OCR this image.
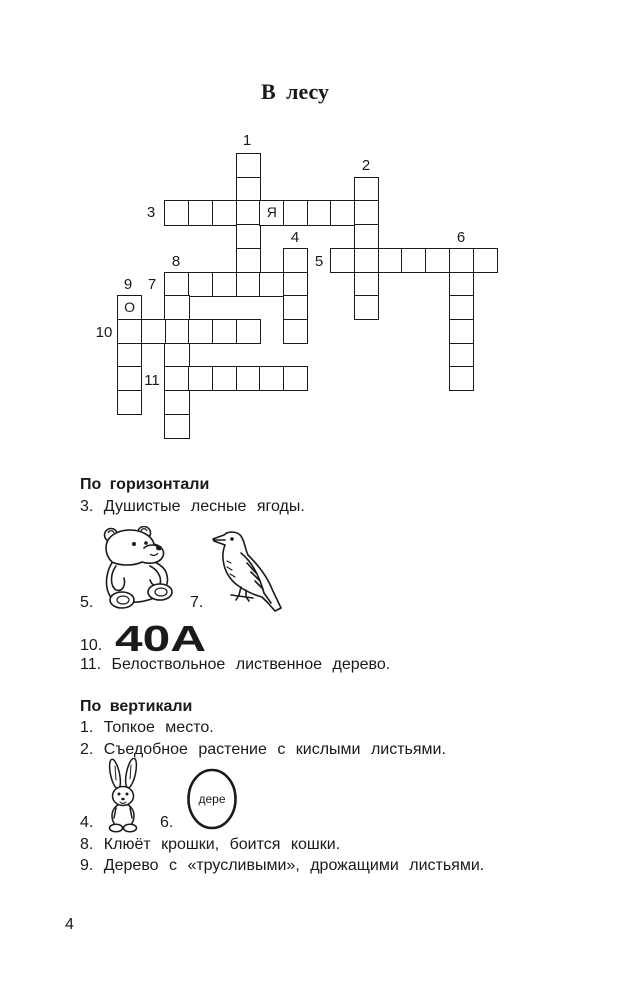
В лесу
1
2
3
4
5
6
7
8
9
10
11
Я
О
По горизонтали
3. Душистые лесные ягоды.
5.	7.
10. 40А
11. Белоствольное лиственное дерево.
По вертикали
1. Топкое место.
2. Съедобное растение с кислыми листьями.
4.
дере
6.
8. Клюёт крошки, боится кошки.
9. Дерево с «трусливыми», дрожащими листьями.
4
